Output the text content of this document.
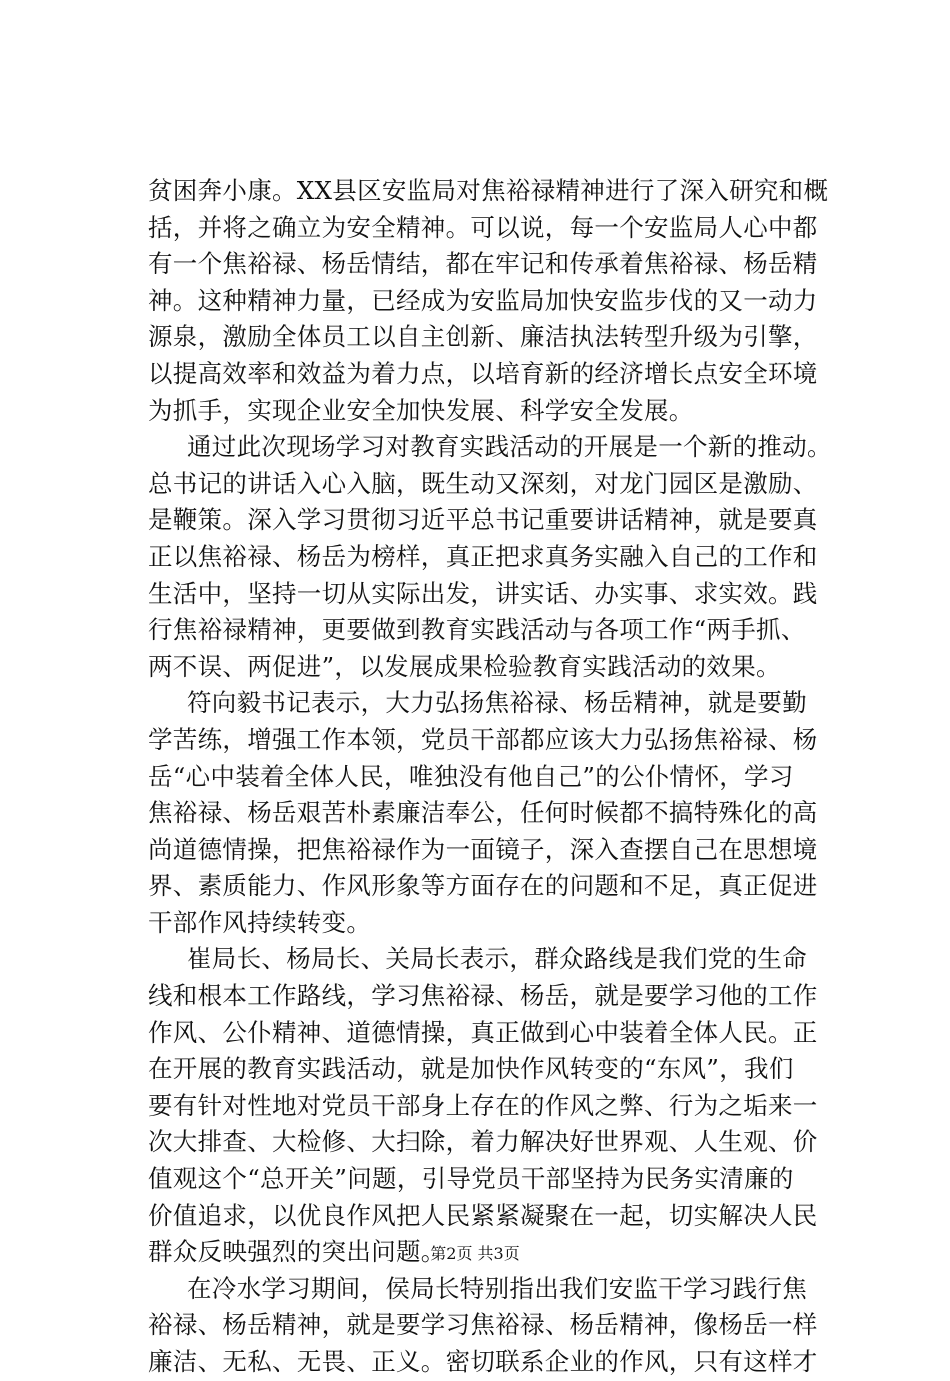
贫困奔小康。XX县区安监局对焦裕禄精神进行了深入研究和概
括，并将之确立为安全精神。可以说，每一个安监局人心中都
有一个焦裕禄、杨岳情结，都在牢记和传承着焦裕禄、杨岳精
神。这种精神力量，已经成为安监局加快安监步伐的又一动力
源泉，激励全体员工以自主创新、廉洁执法转型升级为引擎，
以提高效率和效益为着力点，以培育新的经济增长点安全环境
为抓手，实现企业安全加快发展、科学安全发展。
通过此次现场学习对教育实践活动的开展是一个新的推动。
总书记的讲话入心入脑，既生动又深刻，对龙门园区是激励、
是鞭策。深入学习贯彻习近平总书记重要讲话精神，就是要真
正以焦裕禄、杨岳为榜样，真正把求真务实融入自己的工作和
生活中，坚持一切从实际出发，讲实话、办实事、求实效。践
行焦裕禄精神，更要做到教育实践活动与各项工作“两手抓、
两不误、两促进”，以发展成果检验教育实践活动的效果。
符向毅书记表示，大力弘扬焦裕禄、杨岳精神，就是要勤
学苦练，增强工作本领，党员干部都应该大力弘扬焦裕禄、杨
岳“心中装着全体人民，唯独没有他自己”的公仆情怀，学习
焦裕禄、杨岳艰苦朴素廉洁奉公，任何时候都不搞特殊化的高
尚道德情操，把焦裕禄作为一面镜子，深入查摆自己在思想境
界、素质能力、作风形象等方面存在的问题和不足，真正促进
干部作风持续转变。
崔局长、杨局长、关局长表示，群众路线是我们党的生命
线和根本工作路线，学习焦裕禄、杨岳，就是要学习他的工作
作风、公仆精神、道德情操，真正做到心中装着全体人民。正
在开展的教育实践活动，就是加快作风转变的“东风”，我们
要有针对性地对党员干部身上存在的作风之弊、行为之垢来一
次大排查、大检修、大扫除，着力解决好世界观、人生观、价
值观这个“总开关”问题，引导党员干部坚持为民务实清廉的
价值追求，以优良作风把人民紧紧凝聚在一起，切实解决人民
群众反映强烈的突出问题。
在冷水学习期间，侯局长特别指出我们安监干学习践行焦
裕禄、杨岳精神，就是要学习焦裕禄、杨岳精神，像杨岳一样
廉洁、无私、无畏、正义。密切联系企业的作风，只有这样才
第2页 共3页
